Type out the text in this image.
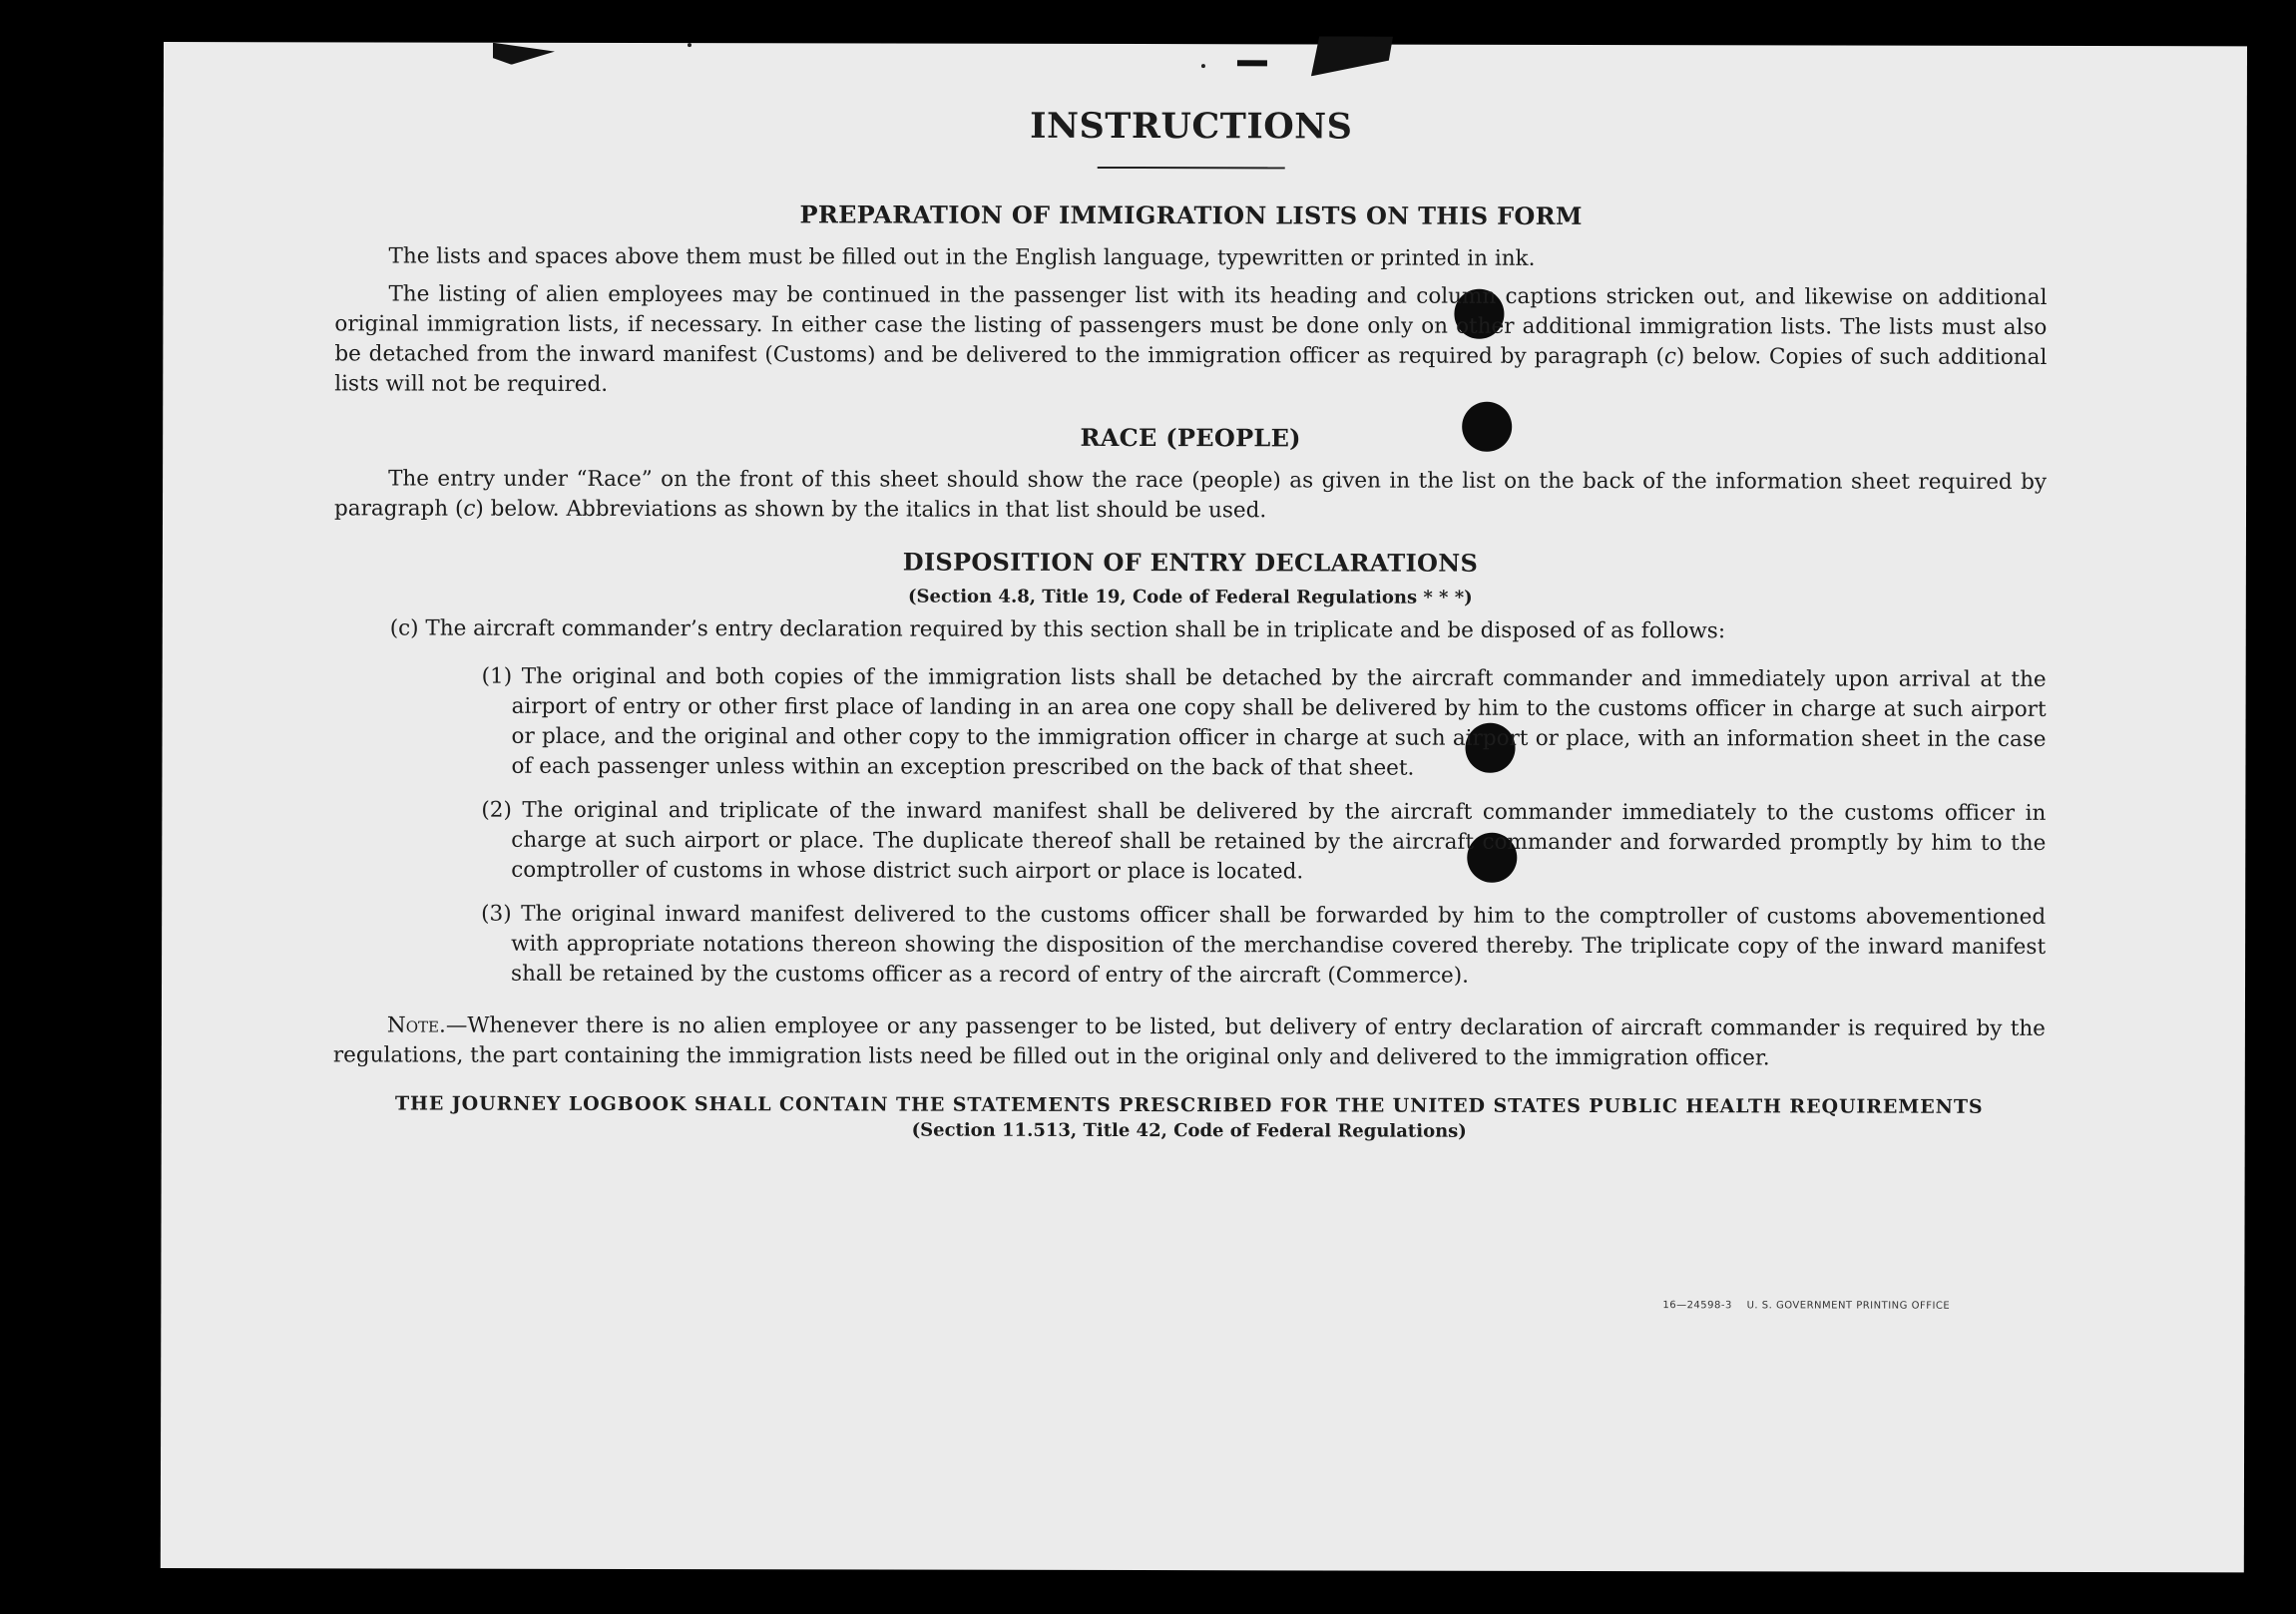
INSTRUCTIONS
PREPARATION OF IMMIGRATION LISTS ON THIS FORM

The lists and spaces above them must be filled out in the English language, typewritten or printed in ink.

The listing of alien employees may be continued in the passenger list with its heading and column captions stricken out, and likewise on additional original immigration lists, if necessary. In either case the listing of passengers must be done only on other additional immigration lists. The lists must also be detached from the inward manifest (Customs) and be delivered to the immigration officer as required by paragraph (c) below. Copies of such additional lists will not be required.

RACE (PEOPLE)

The entry under “Race” on the front of this sheet should show the race (people) as given in the list on the back of the information sheet required by paragraph (c) below. Abbreviations as shown by the italics in that list should be used.

DISPOSITION OF ENTRY DECLARATIONS
(Section 4.8, Title 19, Code of Federal Regulations * * *)

(c) The aircraft commander’s entry declaration required by this section shall be in triplicate and be disposed of as follows:

(1) The original and both copies of the immigration lists shall be detached by the aircraft commander and immediately upon arrival at the airport of entry or other first place of landing in an area one copy shall be delivered by him to the customs officer in charge at such airport or place, and the original and other copy to the immigration officer in charge at such airport or place, with an information sheet in the case of each passenger unless within an exception prescribed on the back of that sheet.

(2) The original and triplicate of the inward manifest shall be delivered by the aircraft commander immediately to the customs officer in charge at such airport or place. The duplicate thereof shall be retained by the aircraft commander and forwarded promptly by him to the comptroller of customs in whose district such airport or place is located.

(3) The original inward manifest delivered to the customs officer shall be forwarded by him to the comptroller of customs abovementioned with appropriate notations thereon showing the disposition of the merchandise covered thereby. The triplicate copy of the inward manifest shall be retained by the customs officer as a record of entry of the aircraft (Commerce).

Note.—Whenever there is no alien employee or any passenger to be listed, but delivery of entry declaration of aircraft commander is required by the regulations, the part containing the immigration lists need be filled out in the original only and delivered to the immigration officer.

THE JOURNEY LOGBOOK SHALL CONTAIN THE STATEMENTS PRESCRIBED FOR THE UNITED STATES PUBLIC HEALTH REQUIREMENTS
(Section 11.513, Title 42, Code of Federal Regulations)
16—24598-3 U. S. GOVERNMENT PRINTING OFFICE
